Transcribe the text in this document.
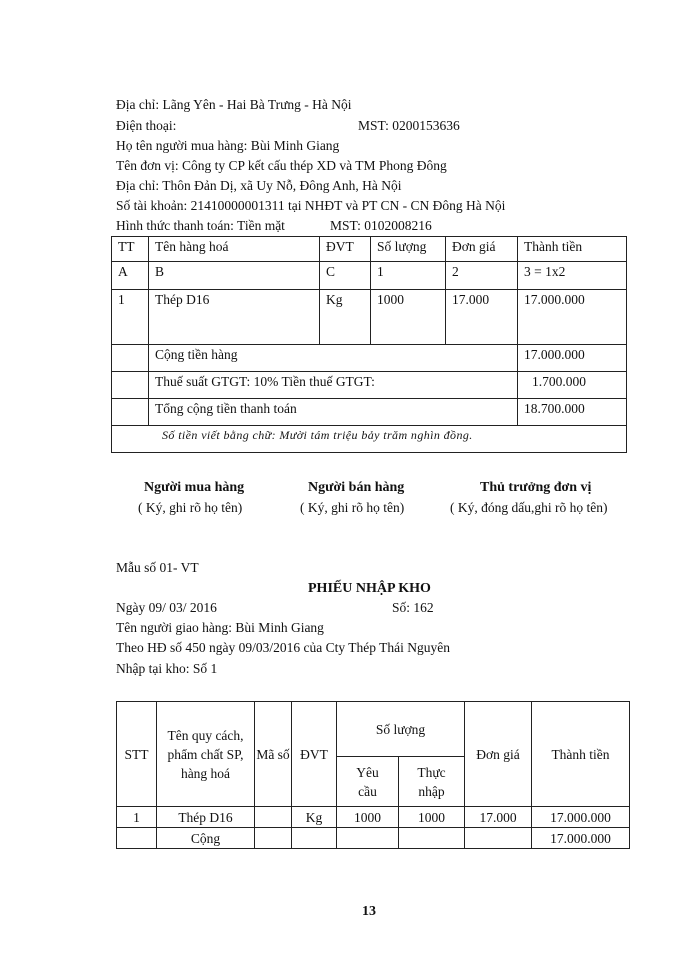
Địa chỉ: Lãng Yên - Hai Bà Trưng - Hà Nội
Điện thoại:	MST: 0200153636
Họ tên người mua hàng: Bùi Minh Giang
Tên đơn vị: Công ty CP kết cấu thép XD và TM Phong Đông
Địa chỉ: Thôn Đản Dị, xã Uy Nỗ, Đông Anh, Hà Nội
Số tài khoản: 21410000001311 tại NHĐT và PT CN - CN Đông Hà Nội
Hình thức thanh toán: Tiền mặt	MST: 0102008216
TT	Tên hàng hoá	ĐVT	Số lượng	Đơn giá	Thành tiền
A	B	C	1	2	3 = 1x2
1	Thép D16	Kg	1000	17.000	17.000.000
	Cộng tiền hàng				17.000.000
	Thuế suất GTGT: 10% Tiền thuế GTGT:				1.700.000
	Tổng cộng tiền thanh toán				18.700.000
Số tiền viết bằng chữ: Mười tám triệu bảy trăm nghìn đồng.					
Người mua hàng
( Ký, ghi rõ họ tên)
Người bán hàng
( Ký, ghi rõ họ tên)
Thủ trưởng đơn vị
( Ký, đóng dấu,ghi rõ họ tên)
Mẫu số 01- VT
PHIẾU NHẬP KHO
Ngày 09/ 03/ 2016	Số: 162
Tên người giao hàng: Bùi Minh Giang
Theo HĐ số 450 ngày 09/03/2016 của Cty Thép Thái Nguyên
Nhập tại kho: Số 1
STT	Tên quy cách, phẩm chất SP, hàng hoá	Mã số	ĐVT	Số lượng		Đơn giá	Thành tiền
				Yêu cầu	Thực nhập		
1	Thép D16		Kg	1000	1000	17.000	17.000.000
	Cộng						17.000.000
13
